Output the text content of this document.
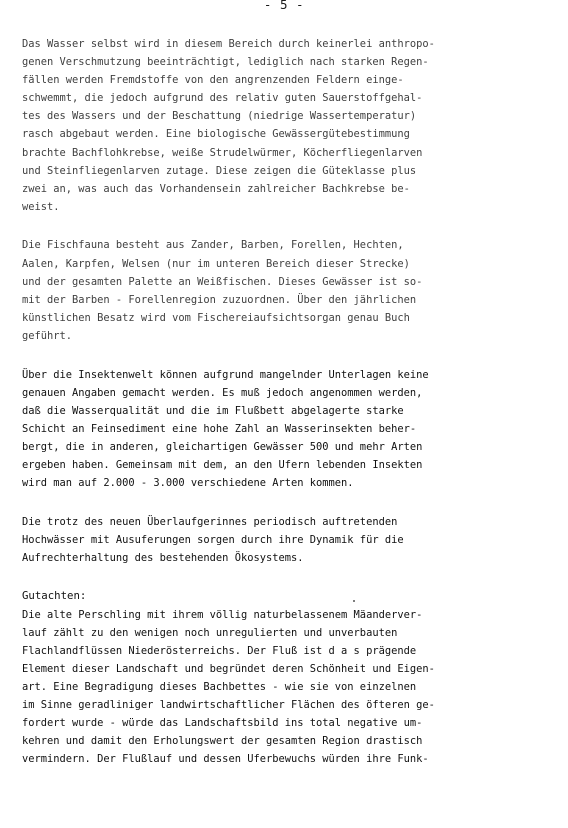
- 5 -
Das Wasser selbst wird in diesem Bereich durch keinerlei anthropo-
genen Verschmutzung beeinträchtigt, lediglich nach starken Regen-
fällen werden Fremdstoffe von den angrenzenden Feldern einge-
schwemmt, die jedoch aufgrund des relativ guten Sauerstoffgehal-
tes des Wassers und der Beschattung (niedrige Wassertemperatur)
rasch abgebaut werden. Eine biologische Gewässergütebestimmung
brachte Bachflohkrebse, weiße Strudelwürmer, Köcherfliegenlarven
und Steinfliegenlarven zutage. Diese zeigen die Güteklasse plus
zwei an, was auch das Vorhandensein zahlreicher Bachkrebse be-
weist.
Die Fischfauna besteht aus Zander, Barben, Forellen, Hechten,
Aalen, Karpfen, Welsen (nur im unteren Bereich dieser Strecke)
und der gesamten Palette an Weißfischen. Dieses Gewässer ist so-
mit der Barben - Forellenregion zuzuordnen. Über den jährlichen
künstlichen Besatz wird vom Fischereiaufsichtsorgan genau Buch
geführt.
Über die Insektenwelt können aufgrund mangelnder Unterlagen keine
genauen Angaben gemacht werden. Es muß jedoch angenommen werden,
daß die Wasserqualität und die im Flußbett abgelagerte starke
Schicht an Feinsediment eine hohe Zahl an Wasserinsekten beher-
bergt, die in anderen, gleichartigen Gewässer 500 und mehr Arten
ergeben haben. Gemeinsam mit dem, an den Ufern lebenden Insekten
wird man auf 2.000 - 3.000 verschiedene Arten kommen.
Die trotz des neuen Überlaufgerinnes periodisch auftretenden
Hochwässer mit Ausuferungen sorgen durch ihre Dynamik für die
Aufrechterhaltung des bestehenden Ökosystems.
Gutachten:
Die alte Perschling mit ihrem völlig naturbelassenem Mäanderver-
lauf zählt zu den wenigen noch unregulierten und unverbauten
Flachlandflüssen Niederösterreichs. Der Fluß ist d a s prägende
Element dieser Landschaft und begründet deren Schönheit und Eigen-
art. Eine Begradigung dieses Bachbettes - wie sie von einzelnen
im Sinne geradliniger landwirtschaftlicher Flächen des öfteren ge-
fordert wurde - würde das Landschaftsbild ins total negative um-
kehren und damit den Erholungswert der gesamten Region drastisch
vermindern. Der Flußlauf und dessen Uferbewuchs würden ihre Funk-
